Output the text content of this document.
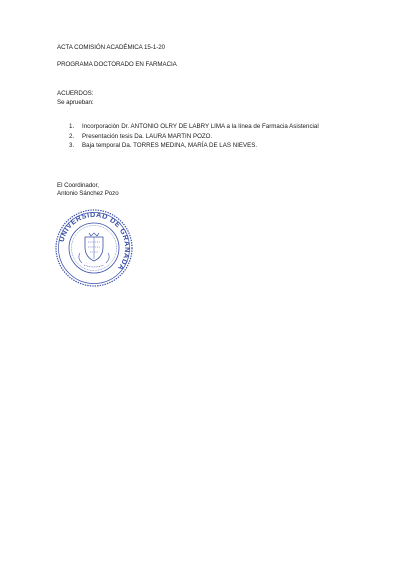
ACTA COMISIÓN ACADÉMICA 15-1-20
PROGRAMA DOCTORADO EN FARMACIA
ACUERDOS:
Se aprueban:
1. Incorporación Dr. ANTONIO OLRY DE LABRY LIMA a la línea de Farmacia Asistencial
2. Presentación tesis Da. LAURA MARTIN POZO.
3. Baja temporal Da. TORRES MEDINA, MARÍA DE LAS NIEVES.
El Coordinador,
Antonio Sánchez Pozo
UNIVERSIDAD DE GRANADA
